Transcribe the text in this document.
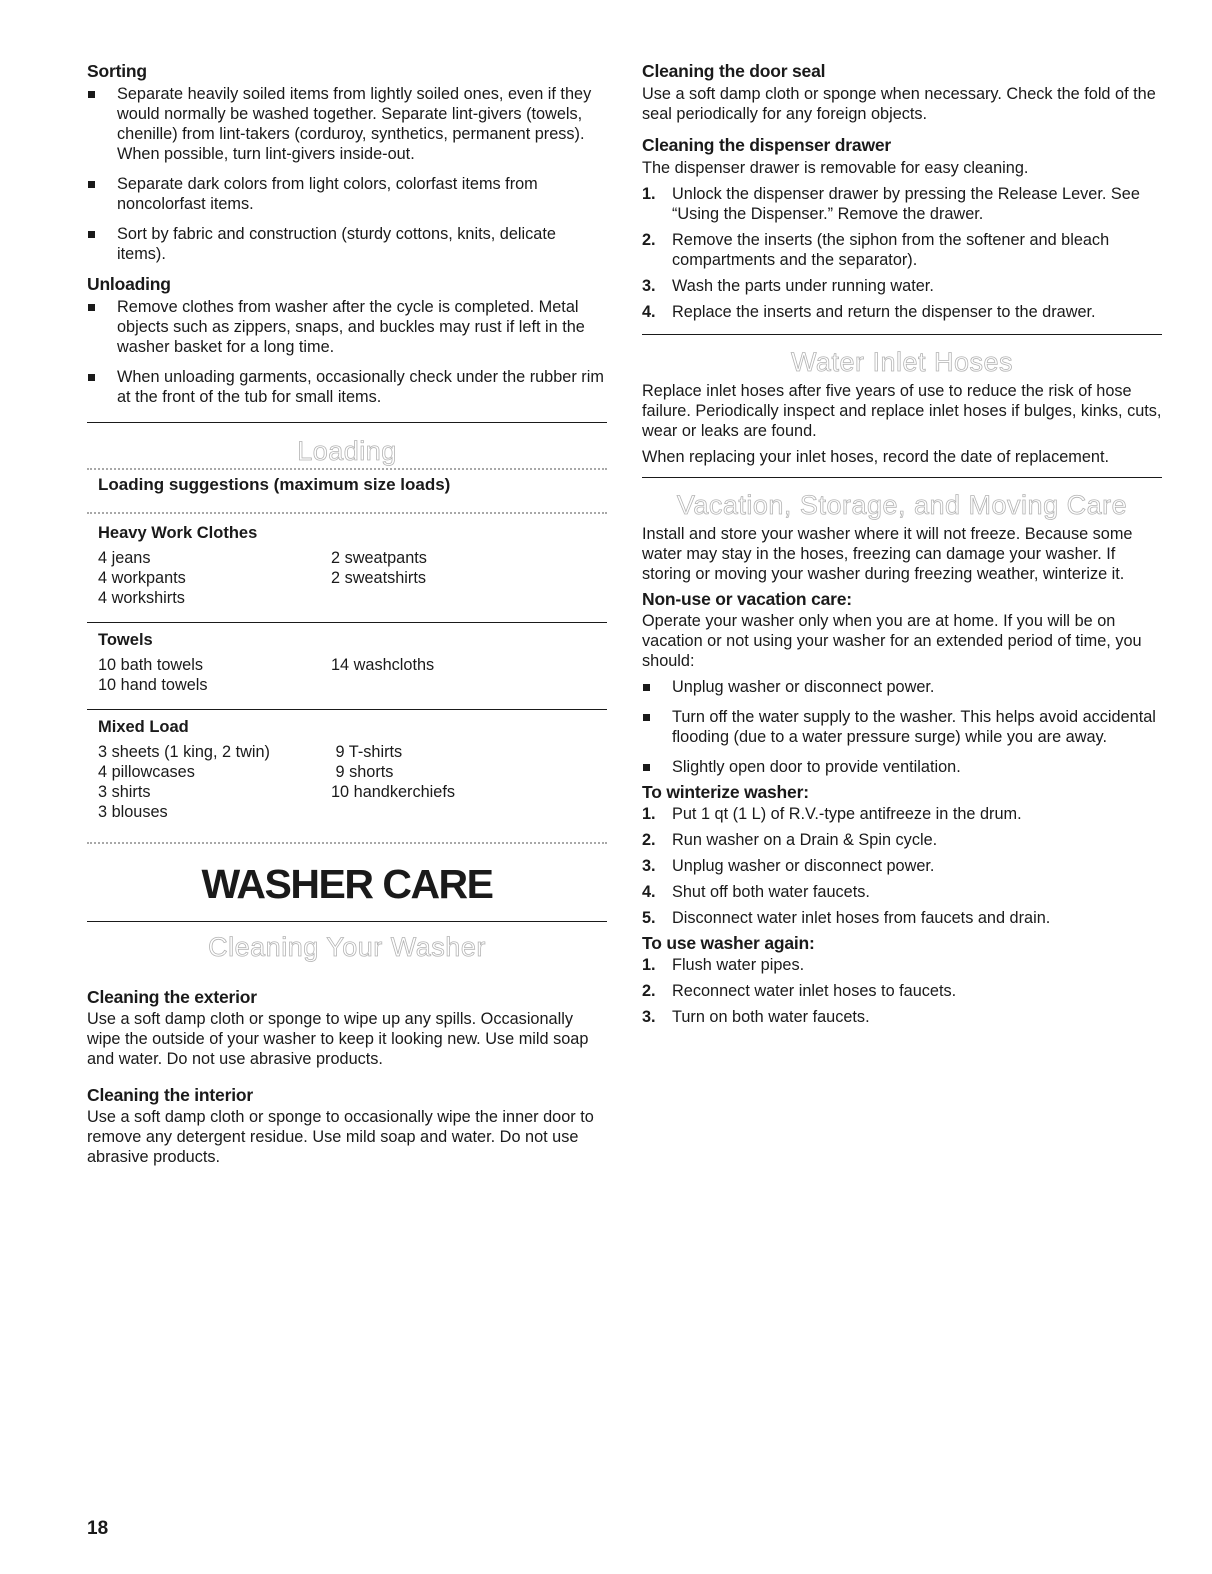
Sorting
Separate heavily soiled items from lightly soiled ones, even if they would normally be washed together. Separate lint-givers (towels, chenille) from lint-takers (corduroy, synthetics, permanent press). When possible, turn lint-givers inside-out.
Separate dark colors from light colors, colorfast items from noncolorfast items.
Sort by fabric and construction (sturdy cottons, knits, delicate items).
Unloading
Remove clothes from washer after the cycle is completed. Metal objects such as zippers, snaps, and buckles may rust if left in the washer basket for a long time.
When unloading garments, occasionally check under the rubber rim at the front of the tub for small items.
Loading
Loading suggestions (maximum size loads)
Heavy Work Clothes
4 jeans	2 sweatpants
4 workpants	2 sweatshirts
4 workshirts
Towels
10 bath towels	14 washcloths
10 hand towels
Mixed Load
3 sheets (1 king, 2 twin)	9 T-shirts
4 pillowcases	9 shorts
3 shirts	10 handkerchiefs
3 blouses
WASHER CARE
Cleaning Your Washer
Cleaning the exterior

Use a soft damp cloth or sponge to wipe up any spills. Occasionally wipe the outside of your washer to keep it looking new. Use mild soap and water. Do not use abrasive products.

Cleaning the interior

Use a soft damp cloth or sponge to occasionally wipe the inner door to remove any detergent residue. Use mild soap and water. Do not use abrasive products.

Cleaning the door seal

Use a soft damp cloth or sponge when necessary. Check the fold of the seal periodically for any foreign objects.

Cleaning the dispenser drawer

The dispenser drawer is removable for easy cleaning.

1. Unlock the dispenser drawer by pressing the Release Lever. See “Using the Dispenser.” Remove the drawer.
2. Remove the inserts (the siphon from the softener and bleach compartments and the separator).
3. Wash the parts under running water.
4. Replace the inserts and return the dispenser to the drawer.
Water Inlet Hoses

Replace inlet hoses after five years of use to reduce the risk of hose failure. Periodically inspect and replace inlet hoses if bulges, kinks, cuts, wear or leaks are found.

When replacing your inlet hoses, record the date of replacement.

Vacation, Storage, and Moving Care

Install and store your washer where it will not freeze. Because some water may stay in the hoses, freezing can damage your washer. If storing or moving your washer during freezing weather, winterize it.

Non-use or vacation care:

Operate your washer only when you are at home. If you will be on vacation or not using your washer for an extended period of time, you should:

Unplug washer or disconnect power.
Turn off the water supply to the washer. This helps avoid accidental flooding (due to a water pressure surge) while you are away.
Slightly open door to provide ventilation.
To winterize washer:
1. Put 1 qt (1 L) of R.V.-type antifreeze in the drum.
2. Run washer on a Drain & Spin cycle.
3. Unplug washer or disconnect power.
4. Shut off both water faucets.
5. Disconnect water inlet hoses from faucets and drain.
To use washer again:
1. Flush water pipes.
2. Reconnect water inlet hoses to faucets.
3. Turn on both water faucets.
18
